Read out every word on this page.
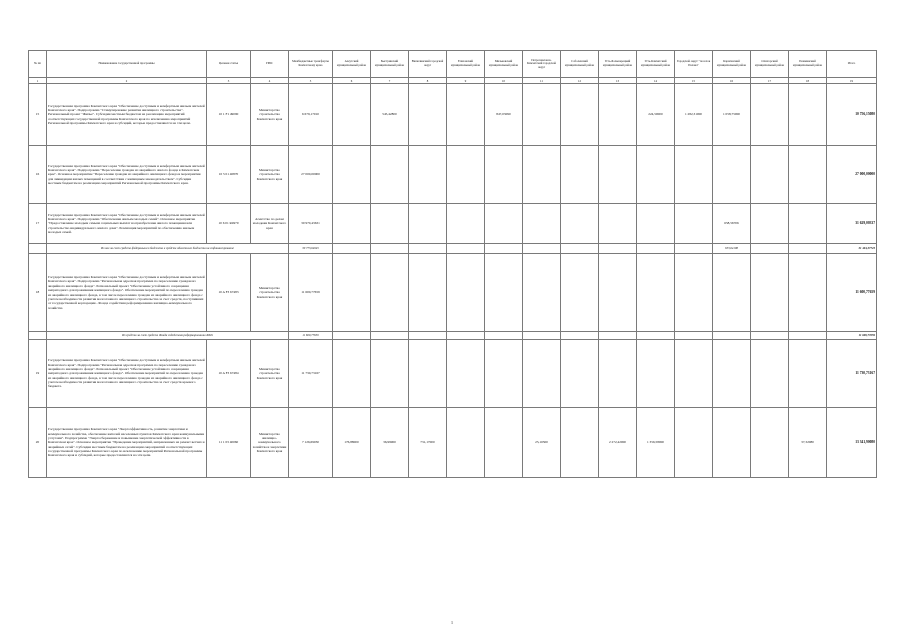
№ пп	Наименование государственной программы	Целевая статья	ГРБС	Межбюджетные трансферты Камчатскому краю	Алеутский муниципальный район	Быстринский муниципальный район	Вилючинский городской округ	Елизовский муниципальный район	Мильковский муниципальный район	Петропавловск-Камчатский городской округ	Соболевский муниципальный район	Усть-Большерецкий муниципальный район	Усть-Камчатский муниципальный район	Городской округ "поселок Палана"	Карагинский муниципальный район	Олюторский муниципальный район	Пенжинский муниципальный район	Итого
1	2	3	4	5	6	7	8	9	10	11	12	13	14	15	16	17	18	19
15	Государственная программа Камчатского края "Обеспечение доступным и комфортным жильем жителей Камчатского края". Подпрограмма "Стимулирование развития жилищного строительства". Региональный проект "Жилье". Субсидии местным бюджетам на реализацию мероприятий соответствующих государственной программы Камчатского края по исключению мероприятий Региональной программы Камчатского края и субсидий, которые предоставляются на эти цели.	10 1 F1 49090	Министерство строительства Камчатского края	6 679,17010		545,42800			847,03090				224,50000	1 282,31000	1 058,75000			10 756,15080
16	Государственная программа Камчатского края "Обеспечение доступным и комфортным жильем жителей Камчатского края". Подпрограмма "Переселение граждан из аварийного жилого фонда в Камчатском крае". Основное мероприятие "Переселение граждан из аварийного жилищного фонда и мероприятия для ликвидации жилых помещений в соответствии с жилищным законодательством". Субсидии местным бюджетам на реализацию мероприятий Региональной программы Камчатского края.	10 5 01 40870	Министерство строительства Камчатского края	27 000,00000														27 000,00000
17	Государственная программа Камчатского края "Обеспечение доступным и комфортным жильем жителей Камчатского края". Подпрограмма "Обеспечение жильем молодых семей". Основное мероприятие "Предоставление молодым семьям социальных выплат на приобретение жилого помещения или строительство индивидуального жилого дома". Реализация мероприятий по обеспечению жильем молодых семей.	10 6 01 R4970	Агентство по делам молодежи Камчатского края	30 970,43631											658,56706			31 629,00337
	Из них за счет средств федерального бюджета и средств областного бюджета на софинансирование			30 773,64945											653,64108			31 404,37723
18	Государственная программа Камчатского края "Обеспечение доступным и комфортным жильем жителей Камчатского края". Подпрограмма "Региональная адресная программа по переселению граждан из аварийного жилищного фонда". Региональный проект "Обеспечение устойчивого сокращения непригодного для проживания жилищного фонда". Обеспечение мероприятий по переселению граждан из аварийного жилищного фонда, в том числе переселению граждан из аварийного жилищного фонда с учетом необходимости развития малоэтажного жилищного строительства за счет средств, поступивших от государственной корпорации - Фонда содействия реформированию жилищно-коммунального хозяйства	10 A F3 67483	Министерство строительства Камчатского края	11 600,77659														11 600,77659
	Из средств за счет средств Фонда содействия реформированию ЖКХ			11 600,77659														11 600,77659
19	Государственная программа Камчатского края "Обеспечение доступным и комфортным жильем жителей Камчатского края". Подпрограмма "Региональная адресная программа по переселению граждан из аварийного жилищного фонда". Региональный проект "Обеспечение устойчивого сокращения непригодного для проживания жилищного фонда". Обеспечение мероприятий по переселению граждан из аварийного жилищного фонда, в том числе переселению граждан из аварийного жилищного фонда с учетом необходимости развития малоэтажного жилищного строительства за счет средств краевого бюджета.	10 A F3 67484	Министерство строительства Камчатского края	11 730,73167														11 730,73167
20	Государственная программа Камчатского края "Энергоэффективность, развитие энергетики и коммунального хозяйства, обеспечение жителей населенных пунктов Камчатского края коммунальными услугами". Подпрограмма "Энергосбережение и повышение энергетической эффективности в Камчатском крае". Основное мероприятие "Проведение мероприятий, направленных на ремонт ветхих и аварийных сетей". Субсидии местным бюджетам на реализацию мероприятий соответствующих государственной программы Камчатского края по исключению мероприятий Региональной программы Камчатского края и субсидий, которые предоставляются на эти цели.	11 1 03 40060	Министерство жилищно-коммунального хозяйства и энергетики Камчатского края	7 126,69030	176,88000	36,99900	731,17000			25,10300		2 272,42000	1 356,58000				37,32080	13 341,90080
1
